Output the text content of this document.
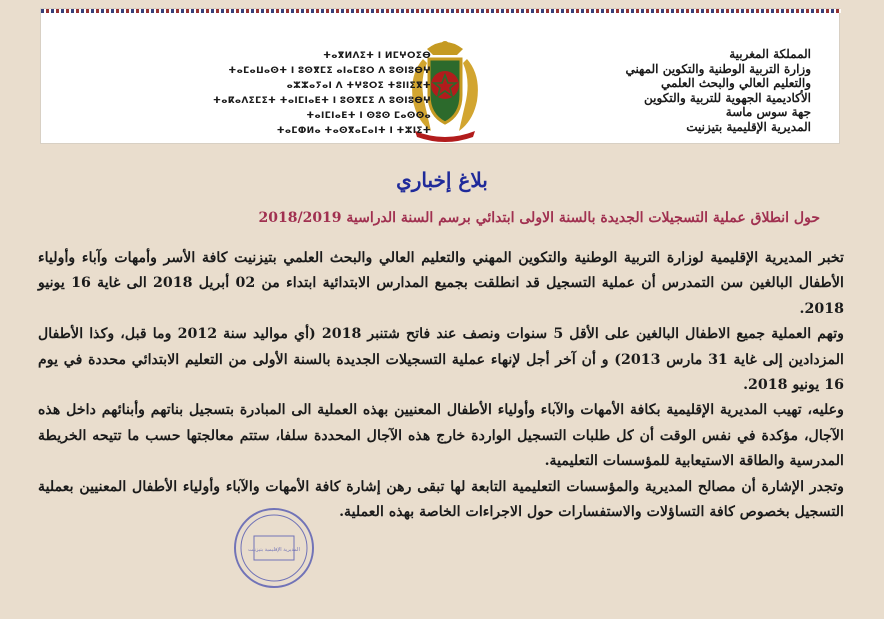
المملكة المغربية
وزارة التربية الوطنية والتكوين المهني
والتعليم العالي والبحث العلمي
الأكاديمية الجهوية للتربية والتكوين
جهة سوس ماسة
المديرية الإقليمية بتيزنيت
ⵜⴰⴳⵍⴷⵉⵜ ⵏ ⵍⵎⵖⵔⵉⴱ
ⵜⴰⵎⴰⵡⴰⵙⵜ ⵏ ⵓⵙⴳⵎⵉ ⴰⵏⴰⵎⵓⵔ ⴷ ⵓⵙⵏⵓⴱⵖ
ⴰⵣⵣⴰⵢⴰⵏ ⴷ ⵜⵖⵓⵔⵉ ⵜⵓⵏⵏⵉⴳⵜ
ⵜⴰⴽⴰⴷⵉⵎⵉⵜ ⵜⴰⵏⵎⵏⴰⴹⵜ ⵏ ⵓⵙⴳⵎⵉ ⴷ ⵓⵙⵏⵓⴱⵖ
ⵜⴰⵏⵎⵏⴰⴹⵜ ⵏ ⵙⵓⵙ ⵎⴰⵙⵙⴰ
ⵜⴰⵎⵀⵍⴰ ⵜⴰⵙⴳⴰⵎⴰⵏⵜ ⵏ ⵜⵣⵏⵉⵜ
بلاغ إخباري
حول انطلاق عملية التسجيلات الجديدة بالسنة الاولى ابتدائي برسم السنة الدراسية 2018/2019

تخبر المديرية الإقليمية لوزارة التربية الوطنية والتكوين المهني والتعليم العالي والبحث العلمي بتيزنيت كافة الأسر وأمهات وآباء وأولياء الأطفال البالغين سن التمدرس أن عملية التسجيل قد انطلقت بجميع المدارس الابتدائية ابتداء من 02 أبريل 2018 الى غاية 16 يونيو 2018.

وتهم العملية جميع الاطفال البالغين على الأقل 5 سنوات ونصف عند فاتح شتنبر 2018 (أي مواليد سنة 2012 وما قبل، وكذا الأطفال المزدادين إلى غاية 31 مارس 2013) و أن آخر أجل لإنهاء عملية التسجيلات الجديدة بالسنة الأولى من التعليم الابتدائي محددة في يوم 16 يونيو 2018.

وعليه، تهيب المديرية الإقليمية بكافة الأمهات والآباء وأولياء الأطفال المعنيين بهذه العملية الى المبادرة بتسجيل بناتهم وأبنائهم داخل هذه الآجال، مؤكدة في نفس الوقت أن كل طلبات التسجيل الواردة خارج هذه الآجال المحددة سلفا، ستتم معالجتها حسب ما تتيحه الخريطة المدرسية والطاقة الاستيعابية للمؤسسات التعليمية.

وتجدر الإشارة أن مصالح المديرية والمؤسسات التعليمية التابعة لها تبقى رهن إشارة كافة الأمهات والآباء وأولياء الأطفال المعنيين بعملية التسجيل بخصوص كافة التساؤلات والاستفسارات حول الاجراءات الخاصة بهذه العملية.

المديرية الإقليمية بتيزنيت
